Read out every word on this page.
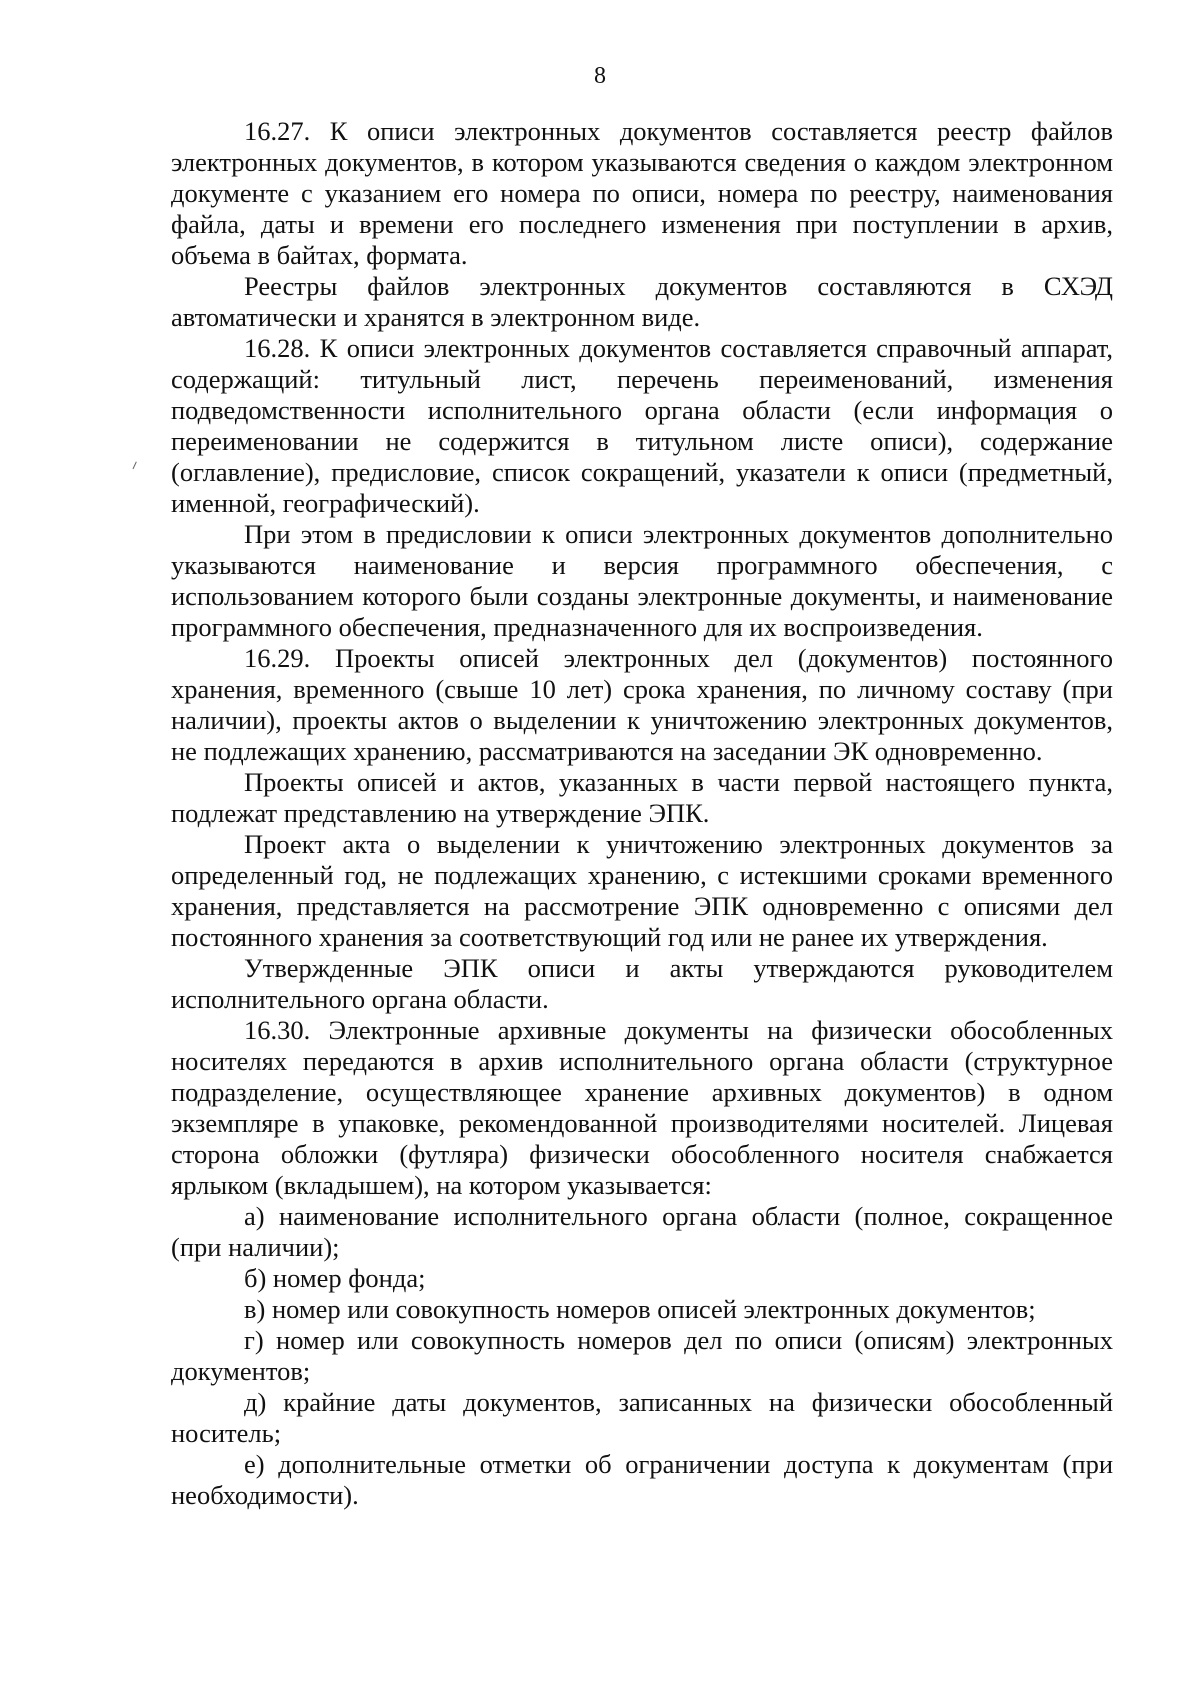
8

16.27. К описи электронных документов составляется реестр файлов электронных документов, в котором указываются сведения о каждом электронном документе с указанием его номера по описи, номера по реестру, наименования файла, даты и времени его последнего изменения при поступлении в архив, объема в байтах, формата.

Реестры файлов электронных документов составляются в СХЭД автоматически и хранятся в электронном виде.

16.28. К описи электронных документов составляется справочный аппарат, содержащий: титульный лист, перечень переименований, изменения подведомственности исполнительного органа области (если информация о переименовании не содержится в титульном листе описи), содержание (оглавление), предисловие, список сокращений, указатели к описи (предметный, именной, географический).

При этом в предисловии к описи электронных документов дополнительно указываются наименование и версия программного обеспечения, с использованием которого были созданы электронные документы, и наименование программного обеспечения, предназначенного для их воспроизведения.

16.29. Проекты описей электронных дел (документов) постоянного хранения, временного (свыше 10 лет) срока хранения, по личному составу (при наличии), проекты актов о выделении к уничтожению электронных документов, не подлежащих хранению, рассматриваются на заседании ЭК одновременно.

Проекты описей и актов, указанных в части первой настоящего пункта, подлежат представлению на утверждение ЭПК.

Проект акта о выделении к уничтожению электронных документов за определенный год, не подлежащих хранению, с истекшими сроками временного хранения, представляется на рассмотрение ЭПК одновременно с описями дел постоянного хранения за соответствующий год или не ранее их утверждения.

Утвержденные ЭПК описи и акты утверждаются руководителем исполнительного органа области.

16.30. Электронные архивные документы на физически обособленных носителях передаются в архив исполнительного органа области (структурное подразделение, осуществляющее хранение архивных документов) в одном экземпляре в упаковке, рекомендованной производителями носителей. Лицевая сторона обложки (футляра) физически обособленного носителя снабжается ярлыком (вкладышем), на котором указывается:

а) наименование исполнительного органа области (полное, сокращенное (при наличии);

б) номер фонда;

в) номер или совокупность номеров описей электронных документов;

г) номер или совокупность номеров дел по описи (описям) электронных документов;

д) крайние даты документов, записанных на физически обособленный носитель;

е) дополнительные отметки об ограничении доступа к документам (при необходимости).
